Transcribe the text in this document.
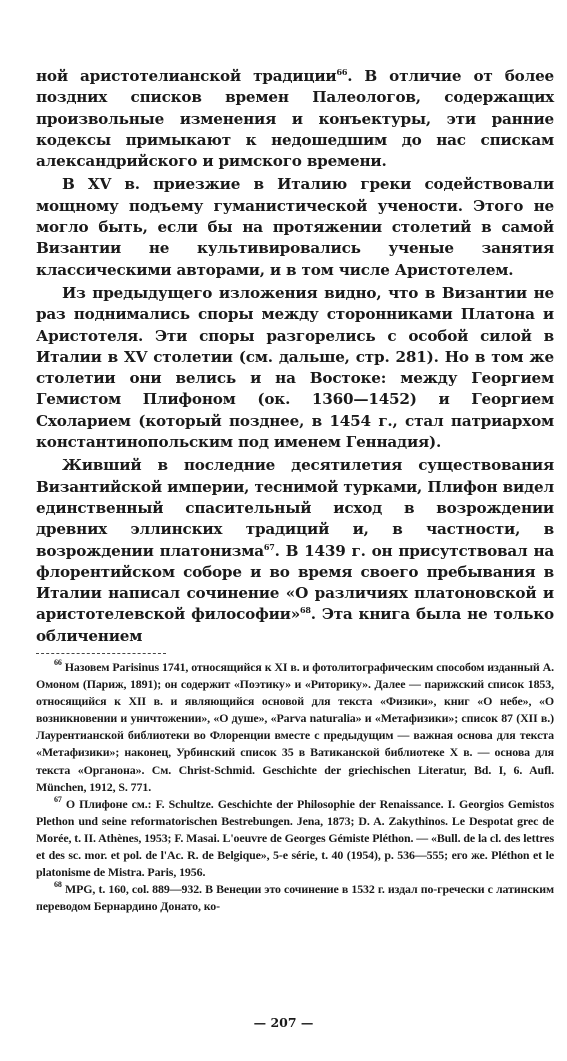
ной аристотелианской традиции$^{66}$. В отличие от более поздних списков времен Палеологов, содержащих произвольные изменения и конъектуры, эти ранние кодексы примыкают к недошедшим до нас спискам александрийского и римского времени.

В XV в. приезжие в Италию греки содействовали мощному подъему гуманистической учености. Этого не могло быть, если бы на протяжении столетий в самой Византии не культивировались ученые занятия классическими авторами, и в том числе Аристотелем.

Из предыдущего изложения видно, что в Византии не раз поднимались споры между сторонниками Платона и Аристотеля. Эти споры разгорелись с особой силой в Италии в XV столетии (см. дальше, стр. 281). Но в том же столетии они велись и на Востоке: между Георгием Гемистом Плифоном (ок. 1360—1452) и Георгием Схоларием (который позднее, в 1454 г., стал патриархом константинопольским под именем Геннадия).

Живший в последние десятилетия существования Византийской империи, теснимой турками, Плифон видел единственный спасительный исход в возрождении древних эллинских традиций и, в частности, в возрождении платонизма$^{67}$. В 1439 г. он присутствовал на флорентийском соборе и во время своего пребывания в Италии написал сочинение «О различиях платоновской и аристотелевской философии»$^{68}$. Эта книга была не только обличением

$^{66}$ Назовем Parisinus 1741, относящийся к XI в. и фотолитографическим способом изданный А. Омоном (Париж, 1891); он содержит «Поэтику» и «Риторику». Далее — парижский список 1853, относящийся к XII в. и являющийся основой для текста «Физики», книг «О небе», «О возникновении и уничтожении», «О душе», «Parva naturalia» и «Метафизики»; список 87 (XII в.) Лаурентианской библиотеки во Флоренции вместе с предыдущим — важная основа для текста «Метафизики»; наконец, Урбинский список 35 в Ватиканской библиотеке X в. — основа для текста «Органона». См. Christ-Schmid. Geschichte der griechischen Literatur, Bd. I, 6. Aufl. München, 1912, S. 771.

$^{67}$ О Плифоне см.: F. Schultze. Geschichte der Philosophie der Renaissance. I. Georgios Gemistos Plethon und seine reformatorischen Bestrebungen. Jena, 1873; D. A. Zakythinos. Le Despotat grec de Morée, t. II. Athènes, 1953; F. Masai. L'oeuvre de Georges Gémiste Pléthon. — «Bull. de la cl. des lettres et des sc. mor. et pol. de l'Ac. R. de Belgique», 5-e série, t. 40 (1954), p. 536—555; его же. Pléthon et le platonisme de Mistra. Paris, 1956.

$^{68}$ MPG, t. 160, col. 889—932. В Венеции это сочинение в 1532 г. издал по-гречески с латинским переводом Бернардино Донато, ко-

— 207 —
